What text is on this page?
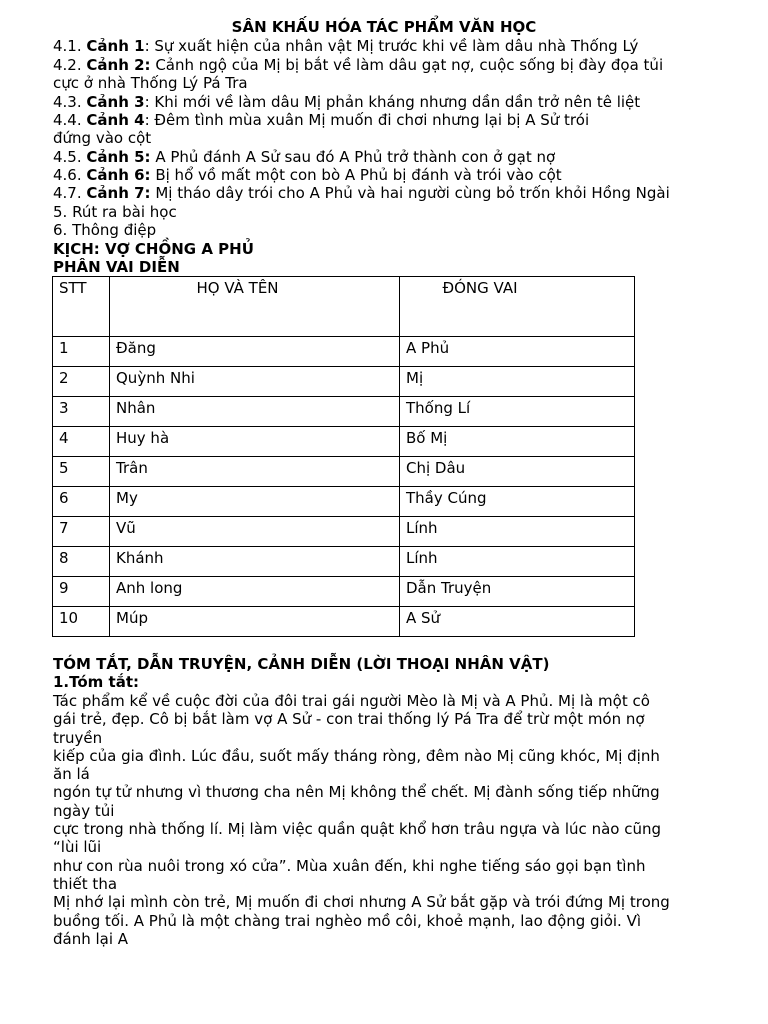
SÂN KHẤU HÓA TÁC PHẨM VĂN HỌC
4.1. Cảnh 1: Sự xuất hiện của nhân vật Mị trước khi về làm dâu nhà Thống Lý
4.2. Cảnh 2: Cảnh ngộ của Mị bị bắt về làm dâu gạt nợ, cuộc sống bị đày đọa tủi
cực ở nhà Thống Lý Pá Tra
4.3. Cảnh 3: Khi mới về làm dâu Mị phản kháng nhưng dần dần trở nên tê liệt
4.4. Cảnh 4: Đêm tình mùa xuân Mị muốn đi chơi nhưng lại bị A Sử trói
đứng vào cột
4.5. Cảnh 5: A Phủ đánh A Sử sau đó A Phủ trở thành con ở gạt nợ
4.6. Cảnh 6: Bị hổ vồ mất một con bò A Phủ bị đánh và trói vào cột
4.7. Cảnh 7: Mị tháo dây trói cho A Phủ và hai người cùng bỏ trốn khỏi Hồng Ngài
5. Rút ra bài học
6. Thông điệp
KỊCH: VỢ CHỒNG A PHỦ
PHÂN VAI DIỄN
STT	HỌ VÀ TÊN	ĐÓNG VAI
1	Đăng	A Phủ
2	Quỳnh Nhi	Mị
3	Nhân	Thống Lí
4	Huy hà	Bố Mị
5	Trân	Chị Dâu
6	My	Thầy Cúng
7	Vũ	Lính
8	Khánh	Lính
9	Anh long	Dẫn Truyện
10	Múp	A Sử
TÓM TẮT, DẪN TRUYỆN, CẢNH DIỄN (LỜI THOẠI NHÂN VẬT)
1.Tóm tắt:
Tác phẩm kể về cuộc đời của đôi trai gái người Mèo là Mị và A Phủ. Mị là một cô
gái trẻ, đẹp. Cô bị bắt làm vợ A Sử - con trai thống lý Pá Tra để trừ một món nợ
truyền
kiếp của gia đình. Lúc đầu, suốt mấy tháng ròng, đêm nào Mị cũng khóc, Mị định
ăn lá
ngón tự tử nhưng vì thương cha nên Mị không thể chết. Mị đành sống tiếp những
ngày tủi
cực trong nhà thống lí. Mị làm việc quần quật khổ hơn trâu ngựa và lúc nào cũng
“lùi lũi
như con rùa nuôi trong xó cửa”. Mùa xuân đến, khi nghe tiếng sáo gọi bạn tình
thiết tha
Mị nhớ lại mình còn trẻ, Mị muốn đi chơi nhưng A Sử bắt gặp và trói đứng Mị trong
buồng tối. A Phủ là một chàng trai nghèo mồ côi, khoẻ mạnh, lao động giỏi. Vì
đánh lại A
